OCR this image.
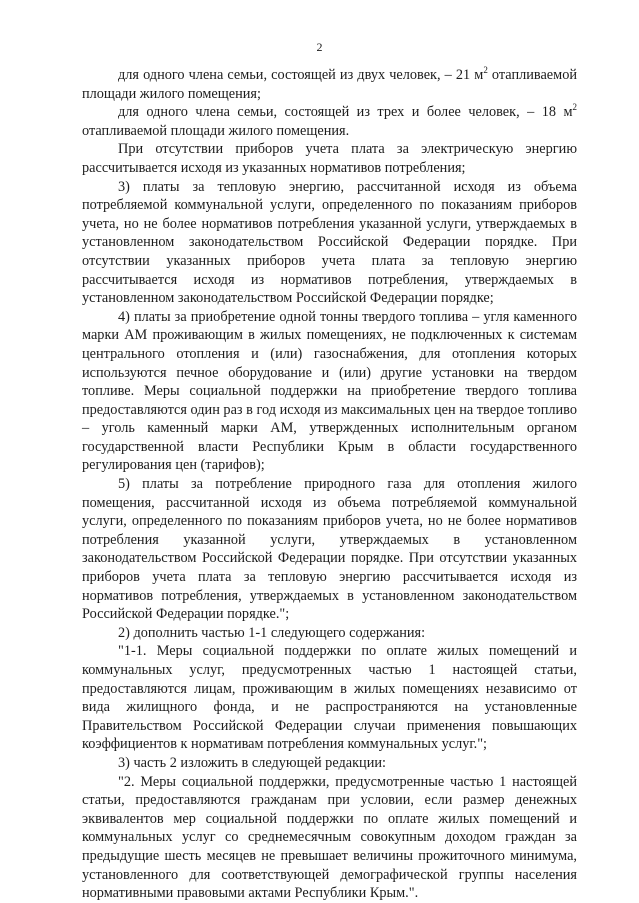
2

для одного члена семьи, состоящей из двух человек, – 21 $м^2$ отапливаемой площади жилого помещения;

для одного члена семьи, состоящей из трех и более человек, – 18 $м^2$ отапливаемой площади жилого помещения.

При отсутствии приборов учета плата за электрическую энергию рассчитывается исходя из указанных нормативов потребления;

3) платы за тепловую энергию, рассчитанной исходя из объема потребляемой коммунальной услуги, определенного по показаниям приборов учета, но не более нормативов потребления указанной услуги, утверждаемых в установленном законодательством Российской Федерации порядке. При отсутствии указанных приборов учета плата за тепловую энергию рассчитывается исходя из нормативов потребления, утверждаемых в установленном законодательством Российской Федерации порядке;

4) платы за приобретение одной тонны твердого топлива – угля каменного марки АМ проживающим в жилых помещениях, не подключенных к системам центрального отопления и (или) газоснабжения, для отопления которых используются печное оборудование и (или) другие установки на твердом топливе. Меры социальной поддержки на приобретение твердого топлива предоставляются один раз в год исходя из максимальных цен на твердое топливо – уголь каменный марки АМ, утвержденных исполнительным органом государственной власти Республики Крым в области государственного регулирования цен (тарифов);

5) платы за потребление природного газа для отопления жилого помещения, рассчитанной исходя из объема потребляемой коммунальной услуги, определенного по показаниям приборов учета, но не более нормативов потребления указанной услуги, утверждаемых в установленном законодательством Российской Федерации порядке. При отсутствии указанных приборов учета плата за тепловую энергию рассчитывается исходя из нормативов потребления, утверждаемых в установленном законодательством Российской Федерации порядке.";

2) дополнить частью 1-1 следующего содержания:

"1-1. Меры социальной поддержки по оплате жилых помещений и коммунальных услуг, предусмотренных частью 1 настоящей статьи, предоставляются лицам, проживающим в жилых помещениях независимо от вида жилищного фонда, и не распространяются на установленные Правительством Российской Федерации случаи применения повышающих коэффициентов к нормативам потребления коммунальных услуг.";

3) часть 2 изложить в следующей редакции:

"2. Меры социальной поддержки, предусмотренные частью 1 настоящей статьи, предоставляются гражданам при условии, если размер денежных эквивалентов мер социальной поддержки по оплате жилых помещений и коммунальных услуг со среднемесячным совокупным доходом граждан за предыдущие шесть месяцев не превышает величины прожиточного минимума, установленного для соответствующей демографической группы населения нормативными правовыми актами Республики Крым.".
